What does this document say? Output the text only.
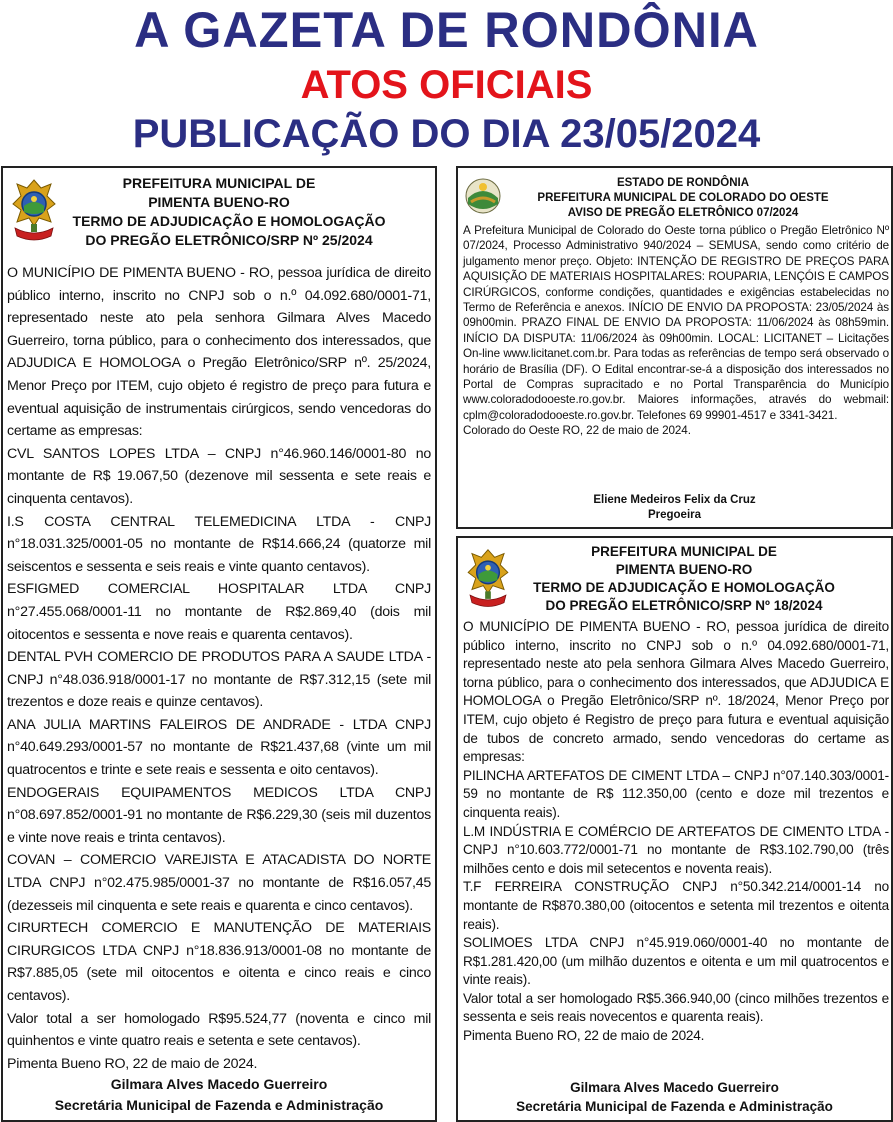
A GAZETA DE RONDÔNIA
ATOS OFICIAIS
PUBLICAÇÃO DO DIA 23/05/2024
PREFEITURA MUNICIPAL DE
PIMENTA BUENO-RO
TERMO DE ADJUDICAÇÃO E HOMOLOGAÇÃO
DO PREGÃO ELETRÔNICO/SRP Nº 25/2024

O MUNICÍPIO DE PIMENTA BUENO - RO, pessoa jurídica de direito público interno, inscrito no CNPJ sob o n.º 04.092.680/0001-71, representado neste ato pela senhora Gilmara Alves Macedo Guerreiro, torna público, para o conhecimento dos interessados, que ADJUDICA E HOMOLOGA o Pregão Eletrônico/SRP nº. 25/2024, Menor Preço por ITEM, cujo objeto é registro de preço para futura e eventual aquisição de instrumentais cirúrgicos, sendo vencedoras do certame as empresas:

CVL SANTOS LOPES LTDA – CNPJ n°46.960.146/0001-80 no montante de R$ 19.067,50 (dezenove mil sessenta e sete reais e cinquenta centavos).

I.S COSTA CENTRAL TELEMEDICINA LTDA - CNPJ n°18.031.325/0001-05 no montante de R$14.666,24 (quatorze mil seiscentos e sessenta e seis reais e vinte quanto centavos).

ESFIGMED COMERCIAL HOSPITALAR LTDA CNPJ n°27.455.068/0001-11 no montante de R$2.869,40 (dois mil oitocentos e sessenta e nove reais e quarenta centavos).

DENTAL PVH COMERCIO DE PRODUTOS PARA A SAUDE LTDA - CNPJ n°48.036.918/0001-17 no montante de R$7.312,15 (sete mil trezentos e doze reais e quinze centavos).

ANA JULIA MARTINS FALEIROS DE ANDRADE - LTDA CNPJ n°40.649.293/0001-57 no montante de R$21.437,68 (vinte um mil quatrocentos e trinte e sete reais e sessenta e oito centavos).

ENDOGERAIS EQUIPAMENTOS MEDICOS LTDA CNPJ n°08.697.852/0001-91 no montante de R$6.229,30 (seis mil duzentos e vinte nove reais e trinta centavos).

COVAN – COMERCIO VAREJISTA E ATACADISTA DO NORTE LTDA CNPJ n°02.475.985/0001-37 no montante de R$16.057,45 (dezesseis mil cinquenta e sete reais e quarenta e cinco centavos).

CIRURTECH COMERCIO E MANUTENÇÃO DE MATERIAIS CIRURGICOS LTDA CNPJ n°18.836.913/0001-08 no montante de R$7.885,05 (sete mil oitocentos e oitenta e cinco reais e cinco centavos).

Valor total a ser homologado R$95.524,77 (noventa e cinco mil quinhentos e vinte quatro reais e setenta e sete centavos).

Pimenta Bueno RO, 22 de maio de 2024.

Gilmara Alves Macedo Guerreiro
Secretária Municipal de Fazenda e Administração
ESTADO DE RONDÔNIA
PREFEITURA MUNICIPAL DE COLORADO DO OESTE
AVISO DE PREGÃO ELETRÔNICO 07/2024

A Prefeitura Municipal de Colorado do Oeste torna público o Pregão Eletrônico Nº 07/2024, Processo Administrativo 940/2024 – SEMUSA, sendo como critério de julgamento menor preço. Objeto: INTENÇÃO DE REGISTRO DE PREÇOS PARA AQUISIÇÃO DE MATERIAIS HOSPITALARES: ROUPARIA, LENÇÓIS E CAMPOS CIRÚRGICOS, conforme condições, quantidades e exigências estabelecidas no Termo de Referência e anexos. INÍCIO DE ENVIO DA PROPOSTA: 23/05/2024 às 09h00min. PRAZO FINAL DE ENVIO DA PROPOSTA: 11/06/2024 às 08h59min. INÍCIO DA DISPUTA: 11/06/2024 às 09h00min. LOCAL: LICITANET – Licitações On-line www.licitanet.com.br. Para todas as referências de tempo será observado o horário de Brasília (DF). O Edital encontrar-se-á a disposição dos interessados no Portal de Compras supracitado e no Portal Transparência do Município www.coloradodooeste.ro.gov.br. Maiores informações, através do webmail: cplm@coloradodooeste.ro.gov.br. Telefones 69 99901-4517 e 3341-3421.

Colorado do Oeste RO, 22 de maio de 2024.

Eliene Medeiros Felix da Cruz
Pregoeira
PREFEITURA MUNICIPAL DE
PIMENTA BUENO-RO
TERMO DE ADJUDICAÇÃO E HOMOLOGAÇÃO
DO PREGÃO ELETRÔNICO/SRP Nº 18/2024

O MUNICÍPIO DE PIMENTA BUENO - RO, pessoa jurídica de direito público interno, inscrito no CNPJ sob o n.º 04.092.680/0001-71, representado neste ato pela senhora Gilmara Alves Macedo Guerreiro, torna público, para o conhecimento dos interessados, que ADJUDICA E HOMOLOGA o Pregão Eletrônico/SRP nº. 18/2024, Menor Preço por ITEM, cujo objeto é Registro de preço para futura e eventual aquisição de tubos de concreto armado, sendo vencedoras do certame as empresas:

PILINCHA ARTEFATOS DE CIMENT LTDA – CNPJ n°07.140.303/0001-59 no montante de R$ 112.350,00 (cento e doze mil trezentos e cinquenta reais).

L.M INDÚSTRIA E COMÉRCIO DE ARTEFATOS DE CIMENTO LTDA - CNPJ n°10.603.772/0001-71 no montante de R$3.102.790,00 (três milhões cento e dois mil setecentos e noventa reais).

T.F FERREIRA CONSTRUÇÃO CNPJ n°50.342.214/0001-14 no montante de R$870.380,00 (oitocentos e setenta mil trezentos e oitenta reais).

SOLIMOES LTDA CNPJ n°45.919.060/0001-40 no montante de R$1.281.420,00 (um milhão duzentos e oitenta e um mil quatrocentos e vinte reais).

Valor total a ser homologado R$5.366.940,00 (cinco milhões trezentos e sessenta e seis reais novecentos e quarenta reais).

Pimenta Bueno RO, 22 de maio de 2024.

Gilmara Alves Macedo Guerreiro
Secretária Municipal de Fazenda e Administração
